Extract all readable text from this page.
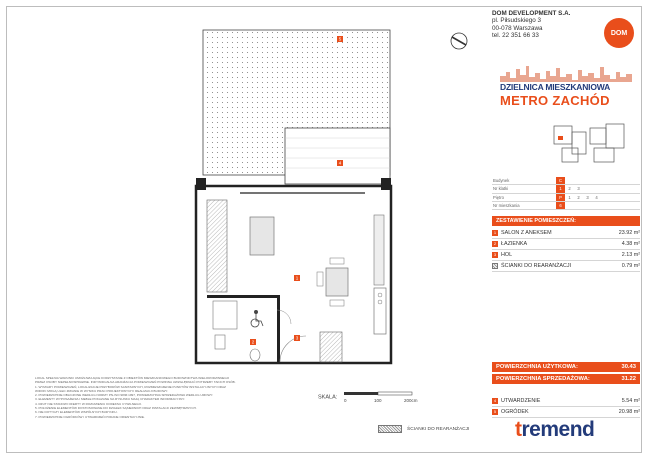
5
4
1
2
3
DOM DEVELOPMENT S.A.
pl. Piłsudskiego 3
00-078 Warszawa
tel. 22 351 66 33	DOM
DZIELNICA MIESZKANIOWA
METRO ZACHÓD
Budynek	C					
Nr klatki	1	2	3			
Piętro	P	1	2	3	4	
Nr mieszkania	6					
ZESTAWIENIE POMIESZCZEŃ:
1 SALON Z ANEKSEM	23.92 m²
2 ŁAZIENKA	4.38 m²
3 HOL	2.13 m²
ŚCIANKI DO REARANŻACJI	0.79 m²
POWIERZCHNIA UŻYTKOWA:	30.43
POWIERZCHNIA SPRZEDAŻOWA:	31.22
4 UTWARDZENIE	5.54 m²
5 OGRÓDEK	20.98 m²
LOKAL SPEŁNIA WARUNKI UMOŻLIWIAJĄCE KORZYSTANIE Z OBIEKTÓW MIESZKANIOWEGO BUDOWNICTWA WIELORODZINNEGO
PRZEZ OSOBY NIEPEŁNOSPRAWNE. INDYWIDUALNA ARANŻACJA POMIESZCZEŃ POWINNA UWZGLĘDNIAĆ POTRZEBY TAKICH OSÓB.
1. WYMIARY POMIESZCZEŃ, LOKALIZACJE PRZYBORÓW SANITARNYCH, ROZMIESZCZENIE PUNKTÓW INSTALACYJNYCH ORAZ
WIDOKI MOGĄ ULEC ZMIANIE W WYNIKU PRAC PROJEKTOWYCH I REALIZACJI BUDOWY.
2. POWIERZCHNIE OBLICZONE WEDŁUG NORMY PN-ISO 9836:1997, POWIERZCHNIA SPRZEDAŻOWA WEDŁUG UMOWY.
3. ELEMENTY WYPOSAŻENIA I MEBLE POKAZANE NA RYSUNKU MAJĄ CHARAKTER INFORMACYJNY.
4. RZUT NIE STANOWI OFERTY W ROZUMIENIU KODEKSU CYWILNEGO.
5. POŁOŻENIE ELEMENTÓW DOSTOSOWANE DO DZIAŁEK SĄSIEDNICH ORAZ INSTALACJI ZEWNĘTRZNYCH.
6. NIE DOTYCZY ELEMENTÓW WSPÓLNYCH BUDYNKU.
7. POWIERZCHNIE OGRÓDKÓW I UTWARDZEŃ PODANE ORIENTACYJNIE.
SKALA:
0	100	200cm
ŚCIANKI DO REARANŻACJI tremend
